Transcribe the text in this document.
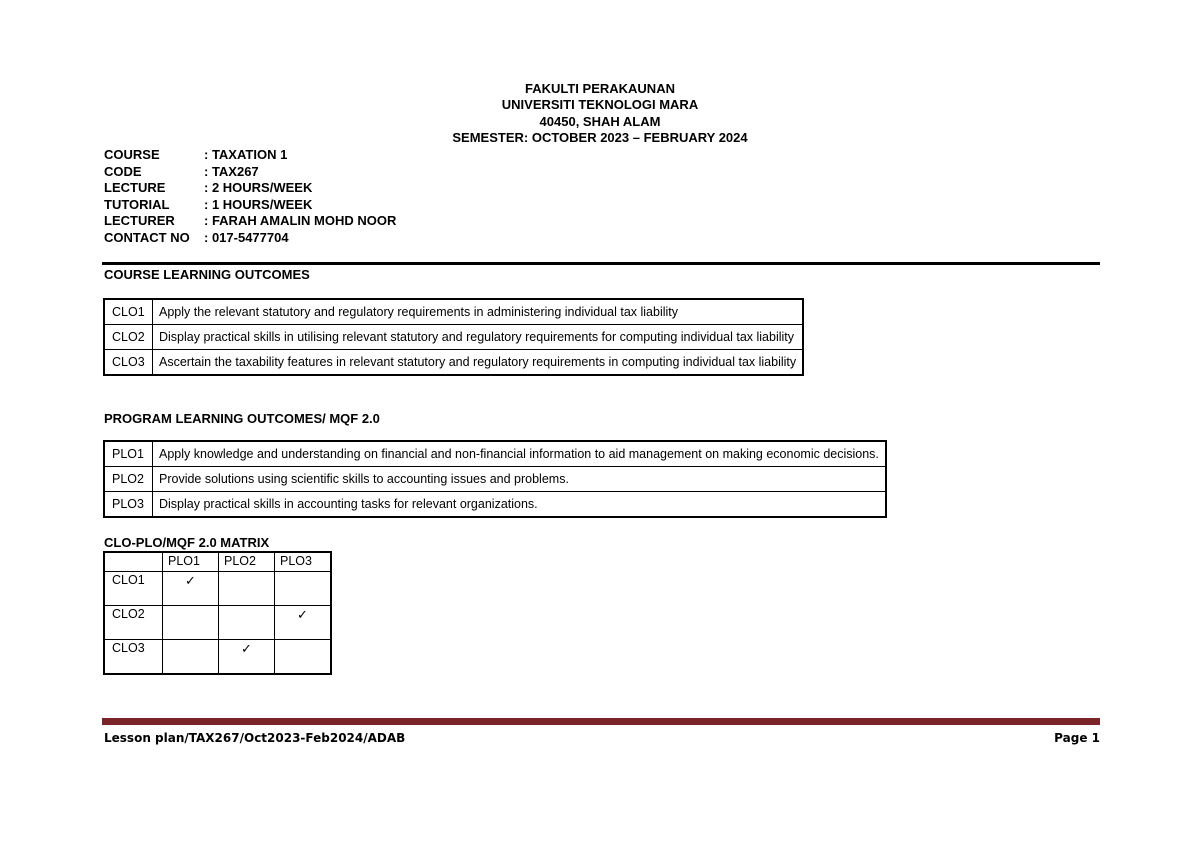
FAKULTI PERAKAUNAN
UNIVERSITI TEKNOLOGI MARA
40450, SHAH ALAM
SEMESTER: OCTOBER 2023 – FEBRUARY 2024
COURSE	: TAXATION 1
CODE	: TAX267
LECTURE	: 2 HOURS/WEEK
TUTORIAL	: 1 HOURS/WEEK
LECTURER	: FARAH AMALIN MOHD NOOR
CONTACT NO	: 017-5477704
COURSE LEARNING OUTCOMES
CLO1	Apply the relevant statutory and regulatory requirements in administering individual tax liability
CLO2	Display practical skills in utilising relevant statutory and regulatory requirements for computing individual tax liability
CLO3	Ascertain the taxability features in relevant statutory and regulatory requirements in computing individual tax liability
PROGRAM LEARNING OUTCOMES/ MQF 2.0
PLO1	Apply knowledge and understanding on financial and non-financial information to aid management on making economic decisions.
PLO2	Provide solutions using scientific skills to accounting issues and problems.
PLO3	Display practical skills in accounting tasks for relevant organizations.
CLO-PLO/MQF 2.0 MATRIX
	PLO1	PLO2	PLO3
CLO1	✓		
CLO2			✓
CLO3		✓	
Lesson plan/TAX267/Oct2023-Feb2024/ADAB	Page 1
